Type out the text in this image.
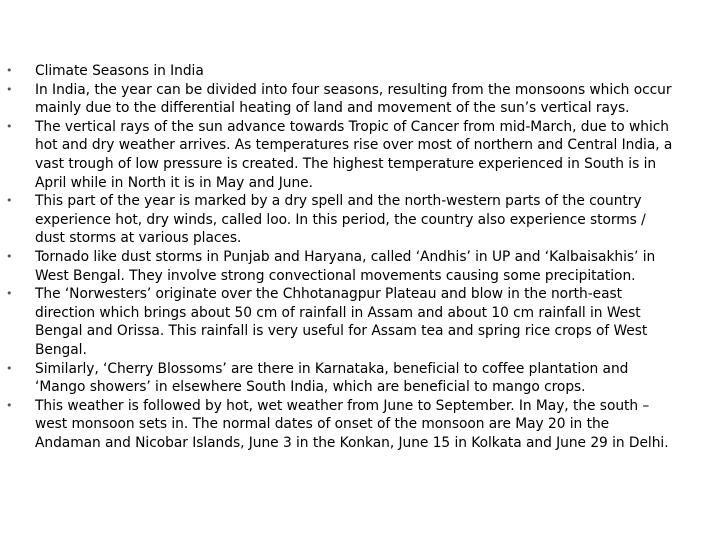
• Climate Seasons in India
• In India, the year can be divided into four seasons, resulting from the monsoons which occur mainly due to the differential heating of land and movement of the sun’s vertical rays.
• The vertical rays of the sun advance towards Tropic of Cancer from mid-March, due to which hot and dry weather arrives. As temperatures rise over most of northern and Central India, a vast trough of low pressure is created. The highest temperature experienced in South is in April while in North it is in May and June.
• This part of the year is marked by a dry spell and the north-western parts of the country experience hot, dry winds, called loo. In this period, the country also experience storms / dust storms at various places.
• Tornado like dust storms in Punjab and Haryana, called ‘Andhis’ in UP and ‘Kalbaisakhis’ in West Bengal. They involve strong convectional movements causing some precipitation.
• The ‘Norwesters’ originate over the Chhotanagpur Plateau and blow in the north-east direction which brings about 50 cm of rainfall in Assam and about 10 cm rainfall in West Bengal and Orissa. This rainfall is very useful for Assam tea and spring rice crops of West Bengal.
• Similarly, ‘Cherry Blossoms’ are there in Karnataka, beneficial to coffee plantation and ‘Mango showers’ in elsewhere South India, which are beneficial to mango crops.
• This weather is followed by hot, wet weather from June to September. In May, the south – west monsoon sets in. The normal dates of onset of the monsoon are May 20 in the Andaman and Nicobar Islands, June 3 in the Konkan, June 15 in Kolkata and June 29 in Delhi.
